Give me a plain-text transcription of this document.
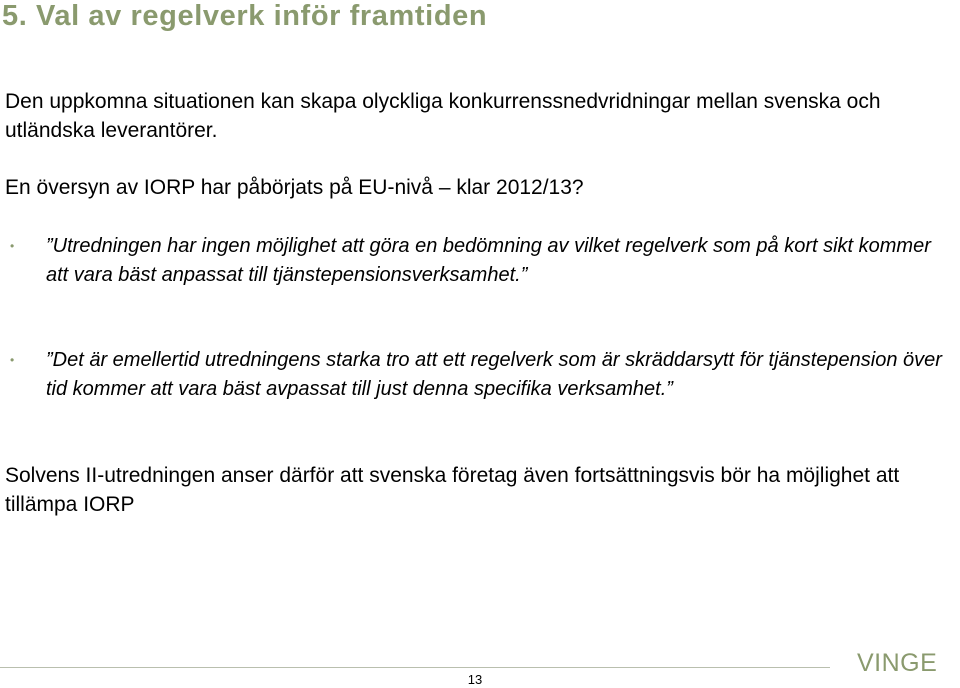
5. Val av regelverk inför framtiden

Den uppkomna situationen kan skapa olyckliga konkurrenssnedvridningar mellan svenska och utländska leverantörer.

En översyn av IORP har påbörjats på EU-nivå – klar 2012/13?

• ”Utredningen har ingen möjlighet att göra en bedömning av vilket regelverk som på kort sikt kommer att vara bäst anpassat till tjänstepensionsverksamhet.”

• ”Det är emellertid utredningens starka tro att ett regelverk som är skräddarsytt för tjänstepension över tid kommer att vara bäst avpassat till just denna specifika verksamhet.”

Solvens II-utredningen anser därför att svenska företag även fortsättningsvis bör ha möjlighet att tillämpa IORP

13
VINGE
